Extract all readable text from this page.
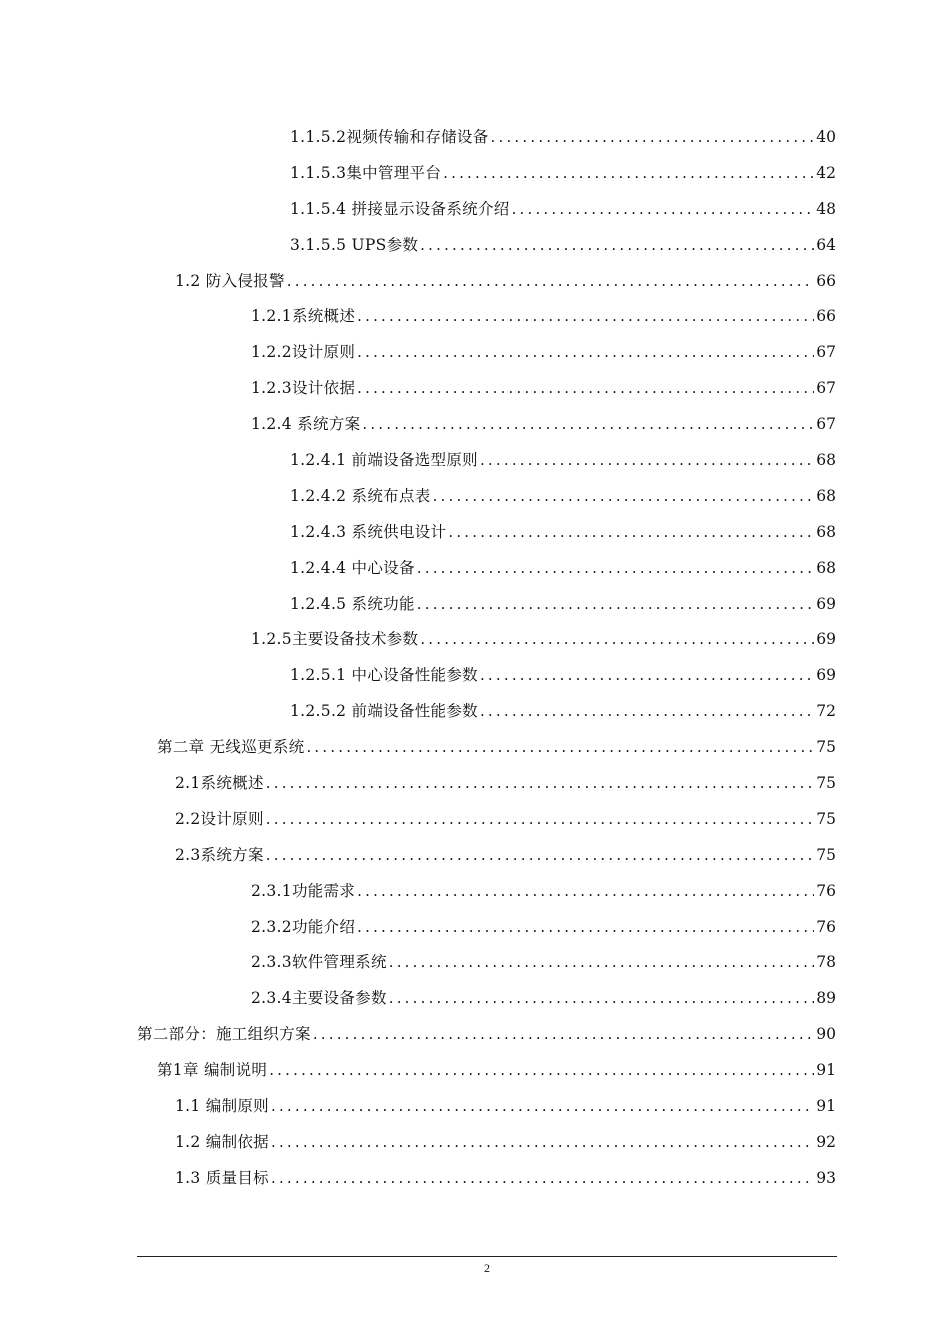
1.1.5.2视频传输和存储设备 .....	40
1.1.5.3集中管理平台 .....	42
1.1.5.4 拼接显示设备系统介绍 .....	48
3.1.5.5 UPS参数 .....	64
1.2 防入侵报警 .....	66
1.2.1系统概述 .....	66
1.2.2设计原则 .....	67
1.2.3设计依据 .....	67
1.2.4 系统方案 .....	67
1.2.4.1 前端设备选型原则 .....	68
1.2.4.2 系统布点表 .....	68
1.2.4.3 系统供电设计 .....	68
1.2.4.4 中心设备 .....	68
1.2.4.5 系统功能 .....	69
1.2.5主要设备技术参数 .....	69
1.2.5.1 中心设备性能参数 .....	69
1.2.5.2 前端设备性能参数 .....	72
第二章 无线巡更系统 .....	75
2.1系统概述 .....	75
2.2设计原则 .....	75
2.3系统方案 .....	75
2.3.1功能需求 .....	76
2.3.2功能介绍 .....	76
2.3.3软件管理系统 .....	78
2.3.4主要设备参数 .....	89
第二部分：施工组织方案 .....	90
第1章 编制说明 .....	91
1.1 编制原则 .....	91
1.2 编制依据 .....	92
1.3 质量目标 .....	93
2
